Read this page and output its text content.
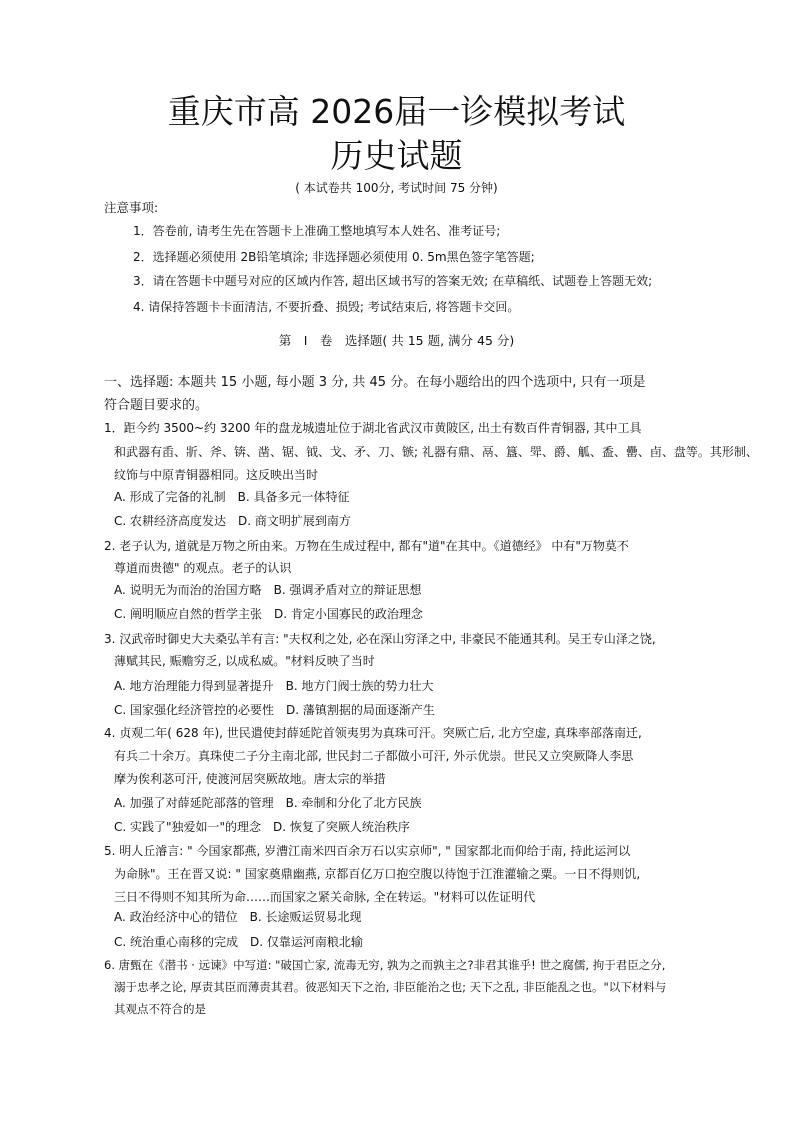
重庆市高 2026届一诊模拟考试
历史试题
( 本试卷共 100分, 考试时间 75 分钟)
注意事项:

1．答卷前, 请考生先在答题卡上准确工整地填写本人姓名、准考证号;

2．选择题必须使用 2B铅笔填涂; 非选择题必须使用 0. 5m黑色签字笔答题;

3．请在答题卡中题号对应的区域内作答, 超出区域书写的答案无效; 在草稿纸、试题卷上答题无效;

4. 请保持答题卡卡面清洁, 不要折叠、损毁; 考试结束后, 将答题卡交回。

第　Ⅰ　卷　选择题( 共 15 题, 满分 45 分)
一、选择题: 本题共 15 小题, 每小题 3 分, 共 45 分。在每小题给出的四个选项中, 只有一项是
符合题目要求的。
1．距今约 3500~约 3200 年的盘龙城遗址位于湖北省武汉市黄陂区, 出土有数百件青铜器, 其中工具
和武器有臿、斨、斧、锛、凿、锯、钺、戈、矛、刀、镞; 礼器有鼎、鬲、簋、斝、爵、觚、盉、罍、卣、盘等。其形制、
纹饰与中原青铜器相同。这反映出当时
A. 形成了完备的礼制　B. 具备多元一体特征
C. 农耕经济高度发达　D. 商文明扩展到南方
2. 老子认为, 道就是万物之所由来。万物在生成过程中, 都有"道"在其中。《道德经》 中有"万物莫不
尊道而贵德" 的观点。老子的认识
A. 说明无为而治的治国方略　B. 强调矛盾对立的辩证思想
C. 阐明顺应自然的哲学主张　D. 肯定小国寡民的政治理念
3. 汉武帝时御史大夫桑弘羊有言: "夫权利之处, 必在深山穷泽之中, 非豪民不能通其利。吴王专山泽之饶,
薄赋其民, 赈赡穷乏, 以成私威。"材料反映了当时
A. 地方治理能力得到显著提升　B. 地方门阀士族的势力壮大
C. 国家强化经济管控的必要性　D. 藩镇割据的局面逐渐产生
4. 贞观二年( 628 年), 世民遣使封薛延陀首领夷男为真珠可汗。突厥亡后, 北方空虚, 真珠率部落南迁,
有兵二十余万。真珠使二子分主南北部, 世民封二子都做小可汗, 外示优崇。世民又立突厥降人李思
摩为俟利苾可汗, 使渡河居突厥故地。唐太宗的举措
A. 加强了对薛延陀部落的管理　B. 牵制和分化了北方民族
C. 实践了"独爱如一"的理念　D. 恢复了突厥人统治秩序
5. 明人丘濬言: " 今国家都燕, 岁漕江南米四百余万石以实京师", " 国家都北而仰给于南, 持此运河以
为命脉"。王在晋又说: " 国家奠鼎幽燕, 京都百亿万口抱空腹以待饱于江淮灌输之粟。一日不得则饥,
三日不得则不知其所为命……而国家之紧关命脉, 全在转运。"材料可以佐证明代
A. 政治经济中心的错位　B. 长途贩运贸易北现
C. 统治重心南移的完成　D. 仅靠运河南粮北输
6. 唐甄在《潜书 · 远谏》中写道: "破国亡家, 流毒无穷, 孰为之而孰主之?非君其谁乎! 世之腐儒, 拘于君臣之分,
溺于忠孝之论, 厚责其臣而薄责其君。彼恶知天下之治, 非臣能治之也; 天下之乱, 非臣能乱之也。"以下材料与
其观点不符合的是
